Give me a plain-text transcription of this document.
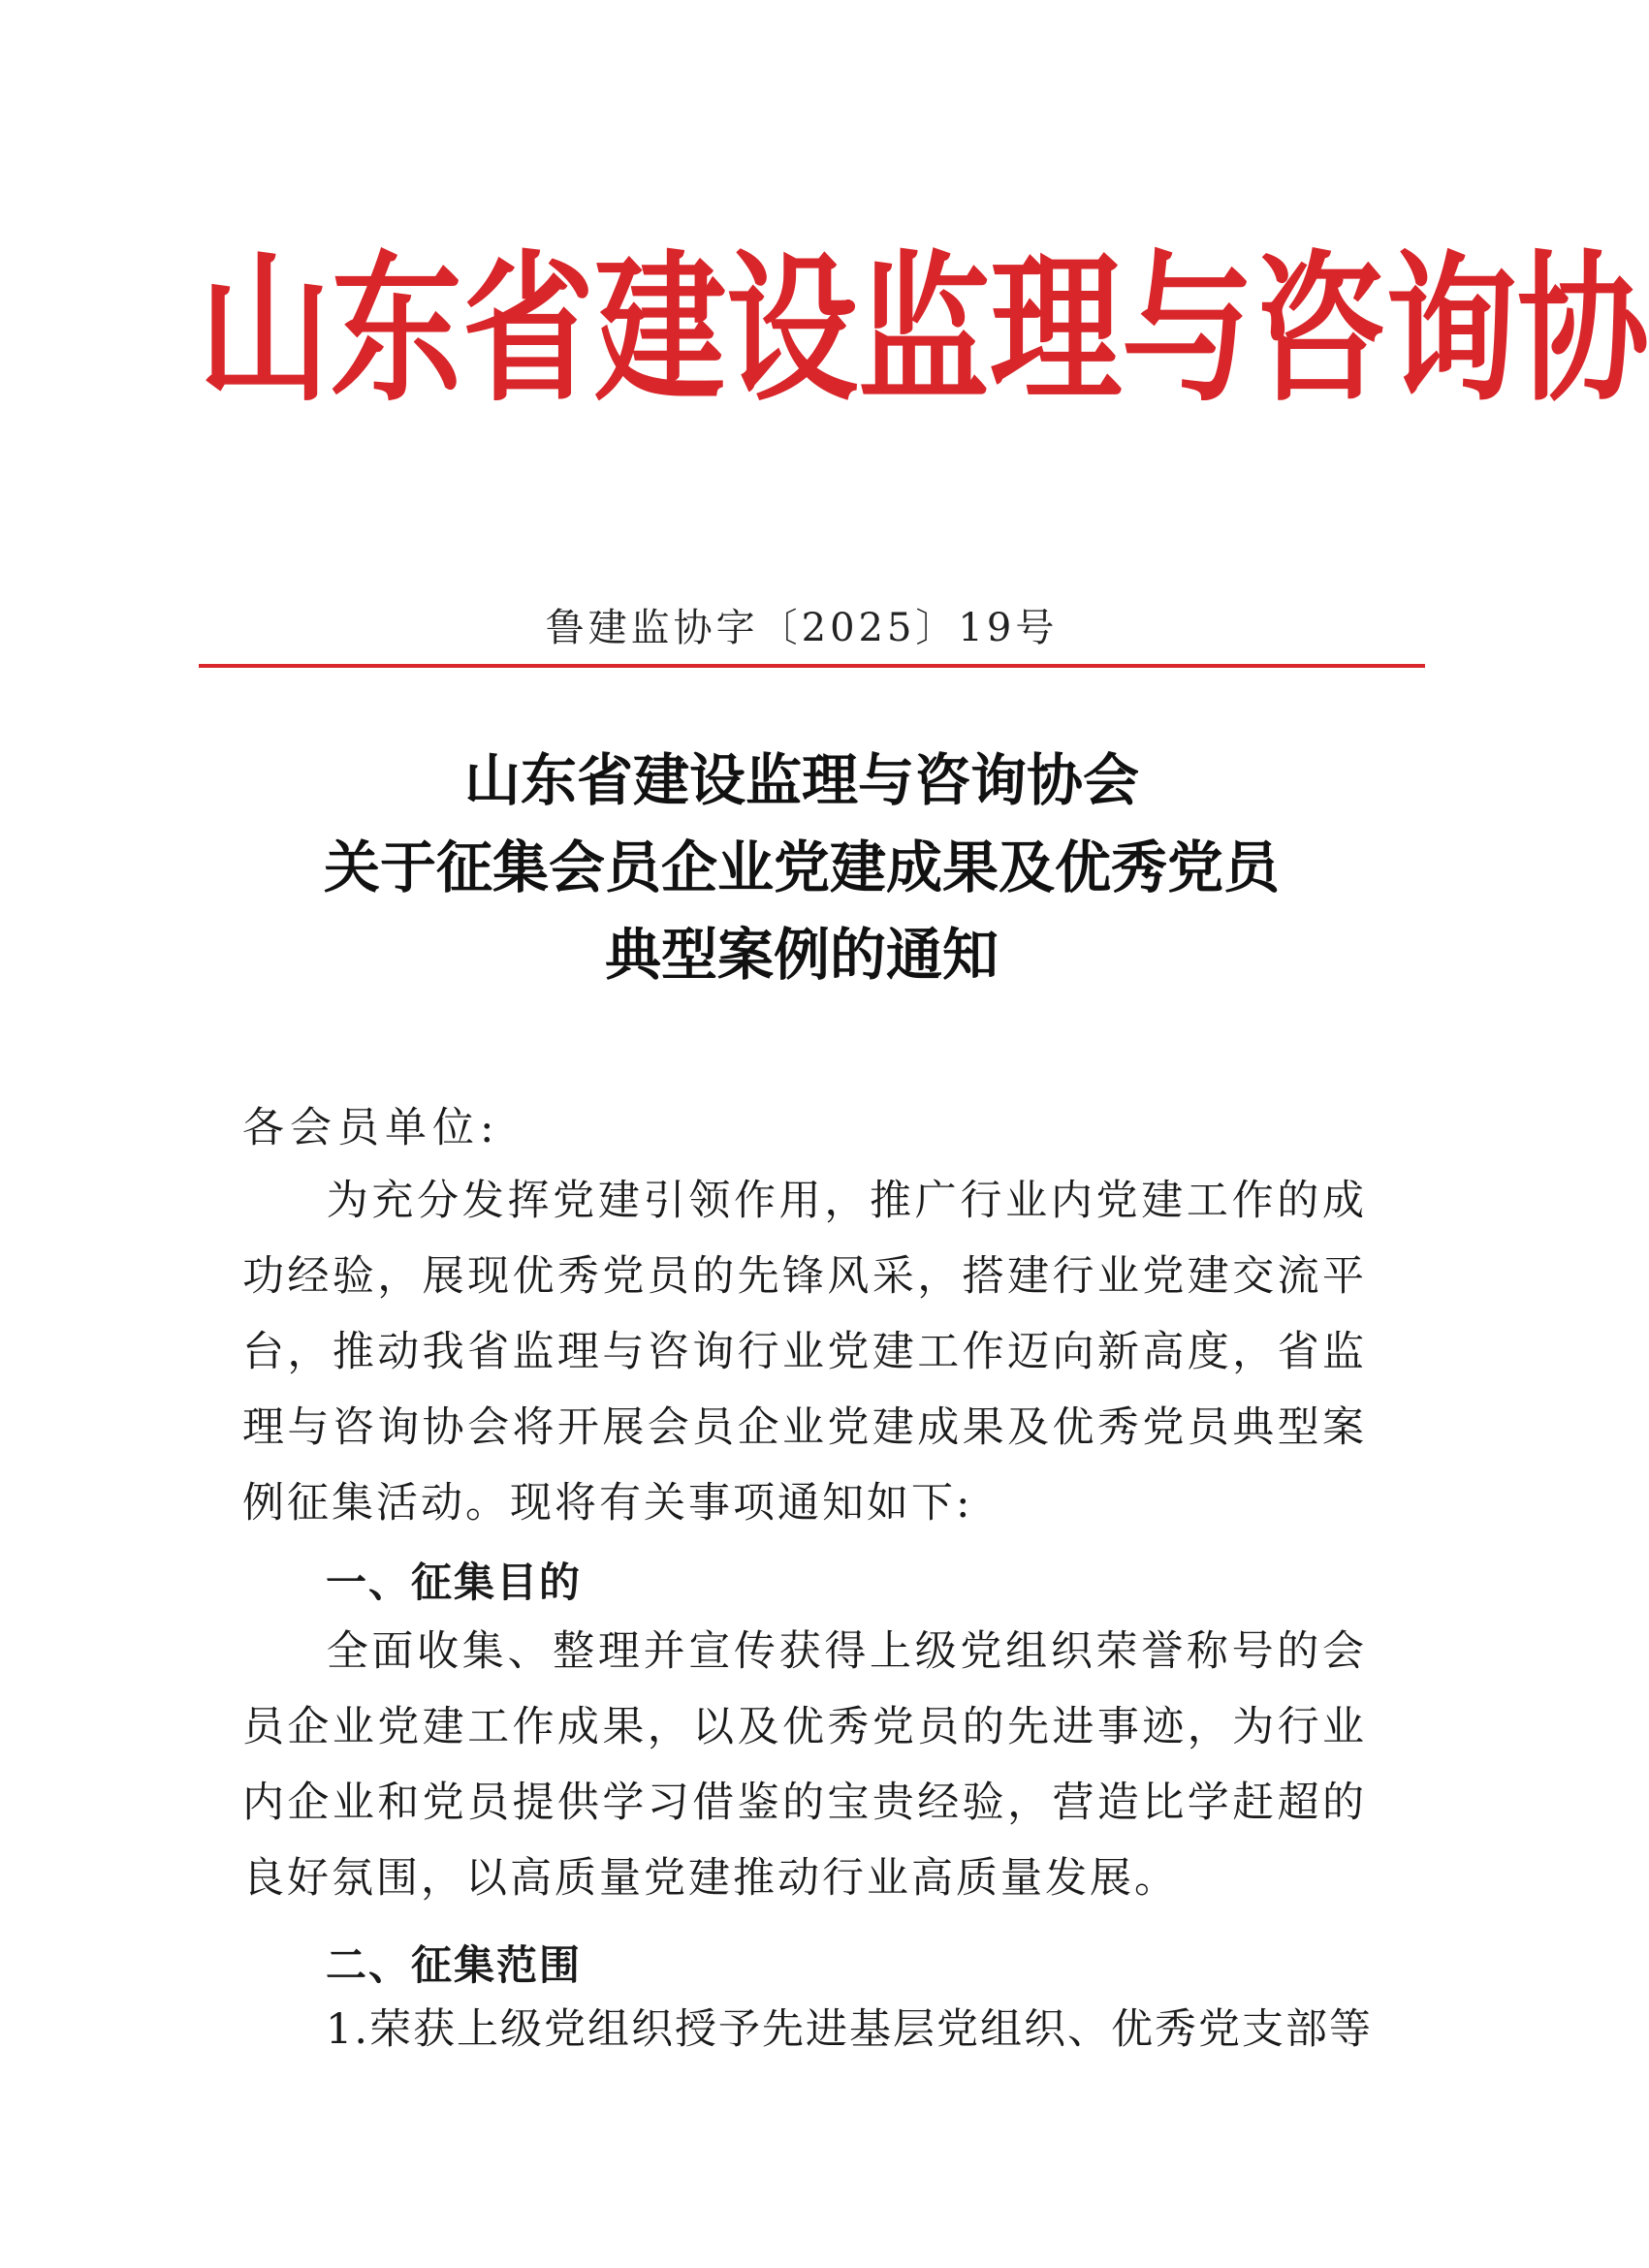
山 东 省 建 设 监 理 与 咨 询 协
鲁建监协字〔2025〕19号
山东省建设监理与咨询协会
关于征集会员企业党建成果及优秀党员
典型案例的通知
各会员单位:
为充分发挥党建引领作用，推广行业内党建工作的成功经验，展现优秀党员的先锋风采，搭建行业党建交流平台，推动我省监理与咨询行业党建工作迈向新高度，省监理与咨询协会将开展会员企业党建成果及优秀党员典型案例征集活动。现将有关事项通知如下:
一、征集目的
全面收集、整理并宣传获得上级党组织荣誉称号的会员企业党建工作成果，以及优秀党员的先进事迹，为行业内企业和党员提供学习借鉴的宝贵经验，营造比学赶超的良好氛围，以高质量党建推动行业高质量发展。
二、征集范围
1.荣获上级党组织授予先进基层党组织、优秀党支部等
